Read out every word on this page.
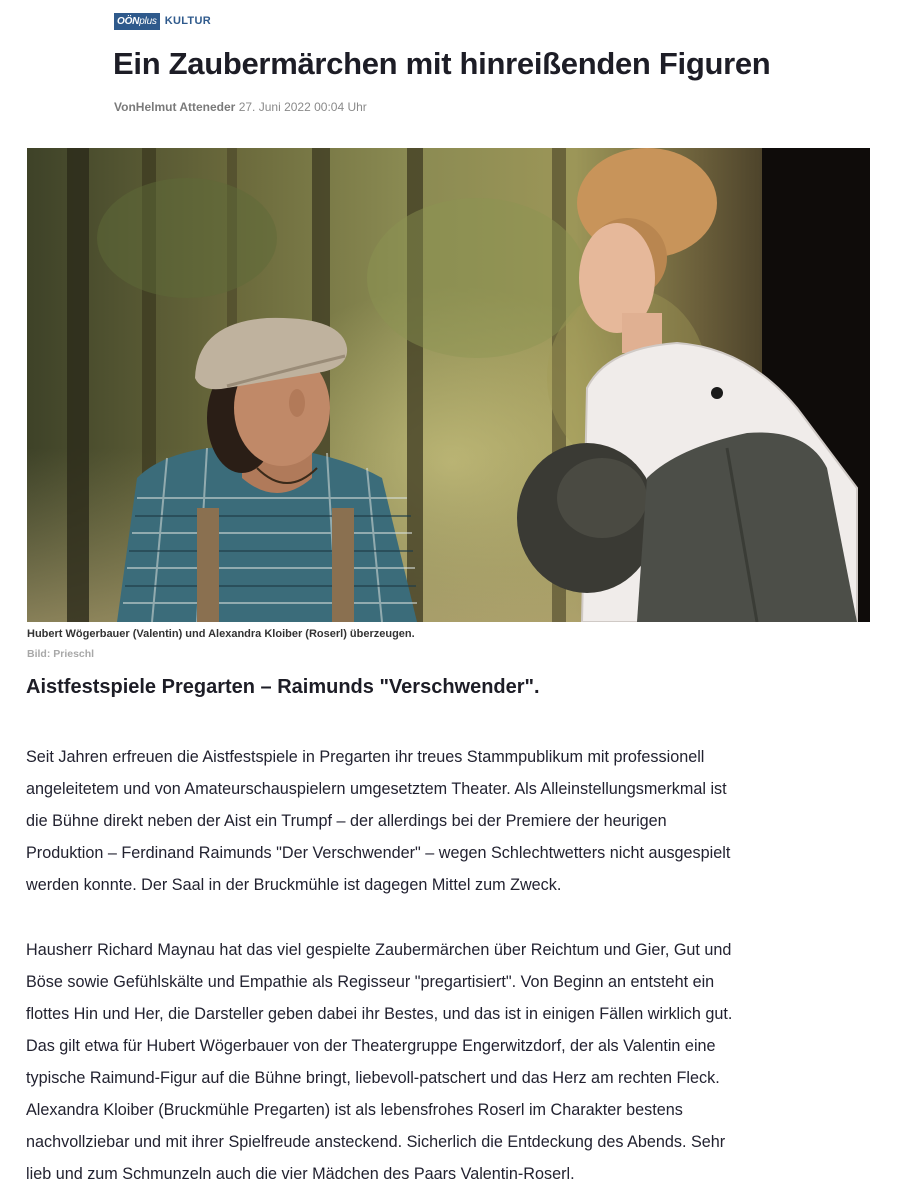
OÖNplus KULTUR
Ein Zaubermärchen mit hinreißenden Figuren
VonHelmut Atteneder 27. Juni 2022 00:04 Uhr
Hubert Wögerbauer (Valentin) und Alexandra Kloiber (Roserl) überzeugen.
Bild: Prieschl
Aistfestspiele Pregarten – Raimunds "Verschwender".

Seit Jahren erfreuen die Aistfestspiele in Pregarten ihr treues Stammpublikum mit professionell
angeleitetem und von Amateurschauspielern umgesetztem Theater. Als Alleinstellungsmerkmal ist
die Bühne direkt neben der Aist ein Trumpf – der allerdings bei der Premiere der heurigen
Produktion – Ferdinand Raimunds "Der Verschwender" – wegen Schlechtwetters nicht ausgespielt
werden konnte. Der Saal in der Bruckmühle ist dagegen Mittel zum Zweck.

Hausherr Richard Maynau hat das viel gespielte Zaubermärchen über Reichtum und Gier, Gut und
Böse sowie Gefühlskälte und Empathie als Regisseur "pregartisiert". Von Beginn an entsteht ein
flottes Hin und Her, die Darsteller geben dabei ihr Bestes, und das ist in einigen Fällen wirklich gut.
Das gilt etwa für Hubert Wögerbauer von der Theatergruppe Engerwitzdorf, der als Valentin eine
typische Raimund-Figur auf die Bühne bringt, liebevoll-patschert und das Herz am rechten Fleck.
Alexandra Kloiber (Bruckmühle Pregarten) ist als lebensfrohes Roserl im Charakter bestens
nachvollziebar und mit ihrer Spielfreude ansteckend. Sicherlich die Entdeckung des Abends. Sehr
lieb und zum Schmunzeln auch die vier Mädchen des Paars Valentin-Roserl.
